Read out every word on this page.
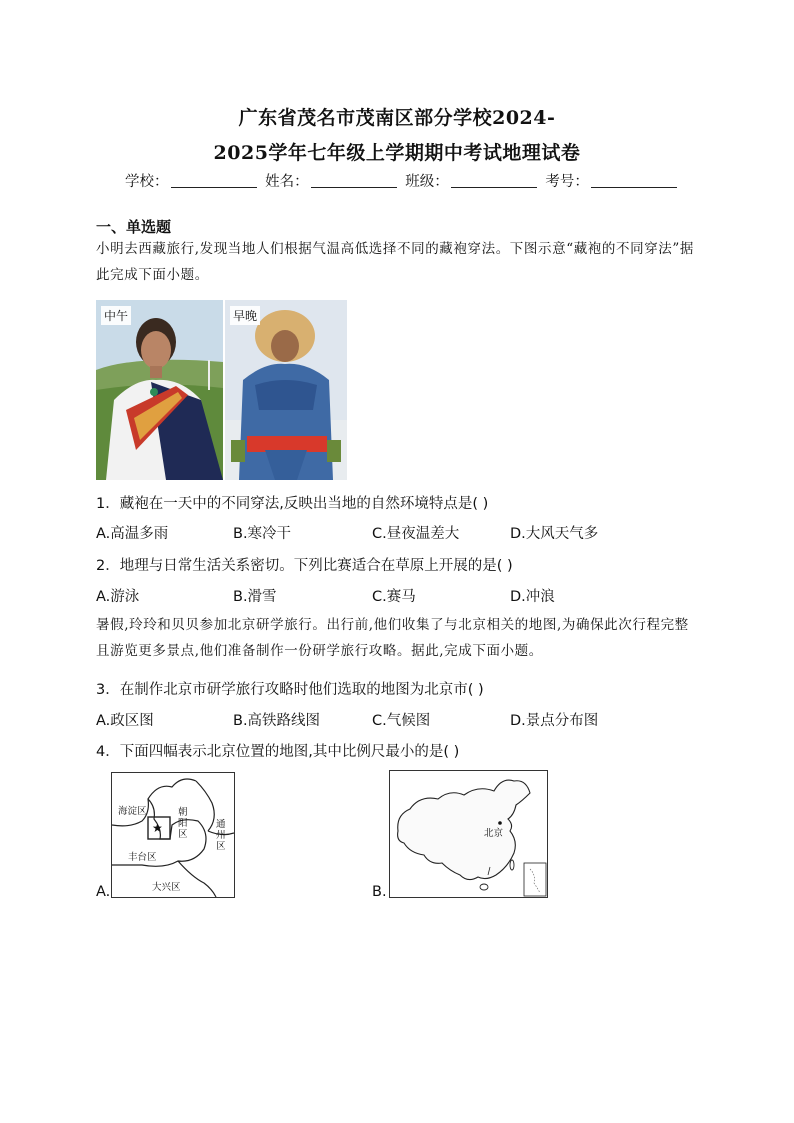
广东省茂名市茂南区部分学校2024-
2025学年七年级上学期期中考试地理试卷
学校：	姓名：	班级：	考号：
一、单选题
小明去西藏旅行,发现当地人们根据气温高低选择不同的藏袍穿法。下图示意“藏袍的不同穿法”据此完成下面小题。
中午	早晚
1．藏袍在一天中的不同穿法,反映出当地的自然环境特点是( )
A.高温多雨	B.寒冷干	C.昼夜温差大	D.大风天气多
2．地理与日常生活关系密切。下列比赛适合在草原上开展的是( )
A.游泳	B.滑雪	C.赛马	D.冲浪
暑假,玲玲和贝贝参加北京研学旅行。出行前,他们收集了与北京相关的地图,为确保此次行程完整且游览更多景点,他们准备制作一份研学旅行攻略。据此,完成下面小题。
3．在制作北京市研学旅行攻略时他们选取的地图为北京市( )
A.政区图	B.高铁路线图	C.气候图	D.景点分布图
4．下面四幅表示北京位置的地图,其中比例尺最小的是( )
A.
海淀区	朝阳区
通州区
丰台区
大兴区
★
B.
北京
